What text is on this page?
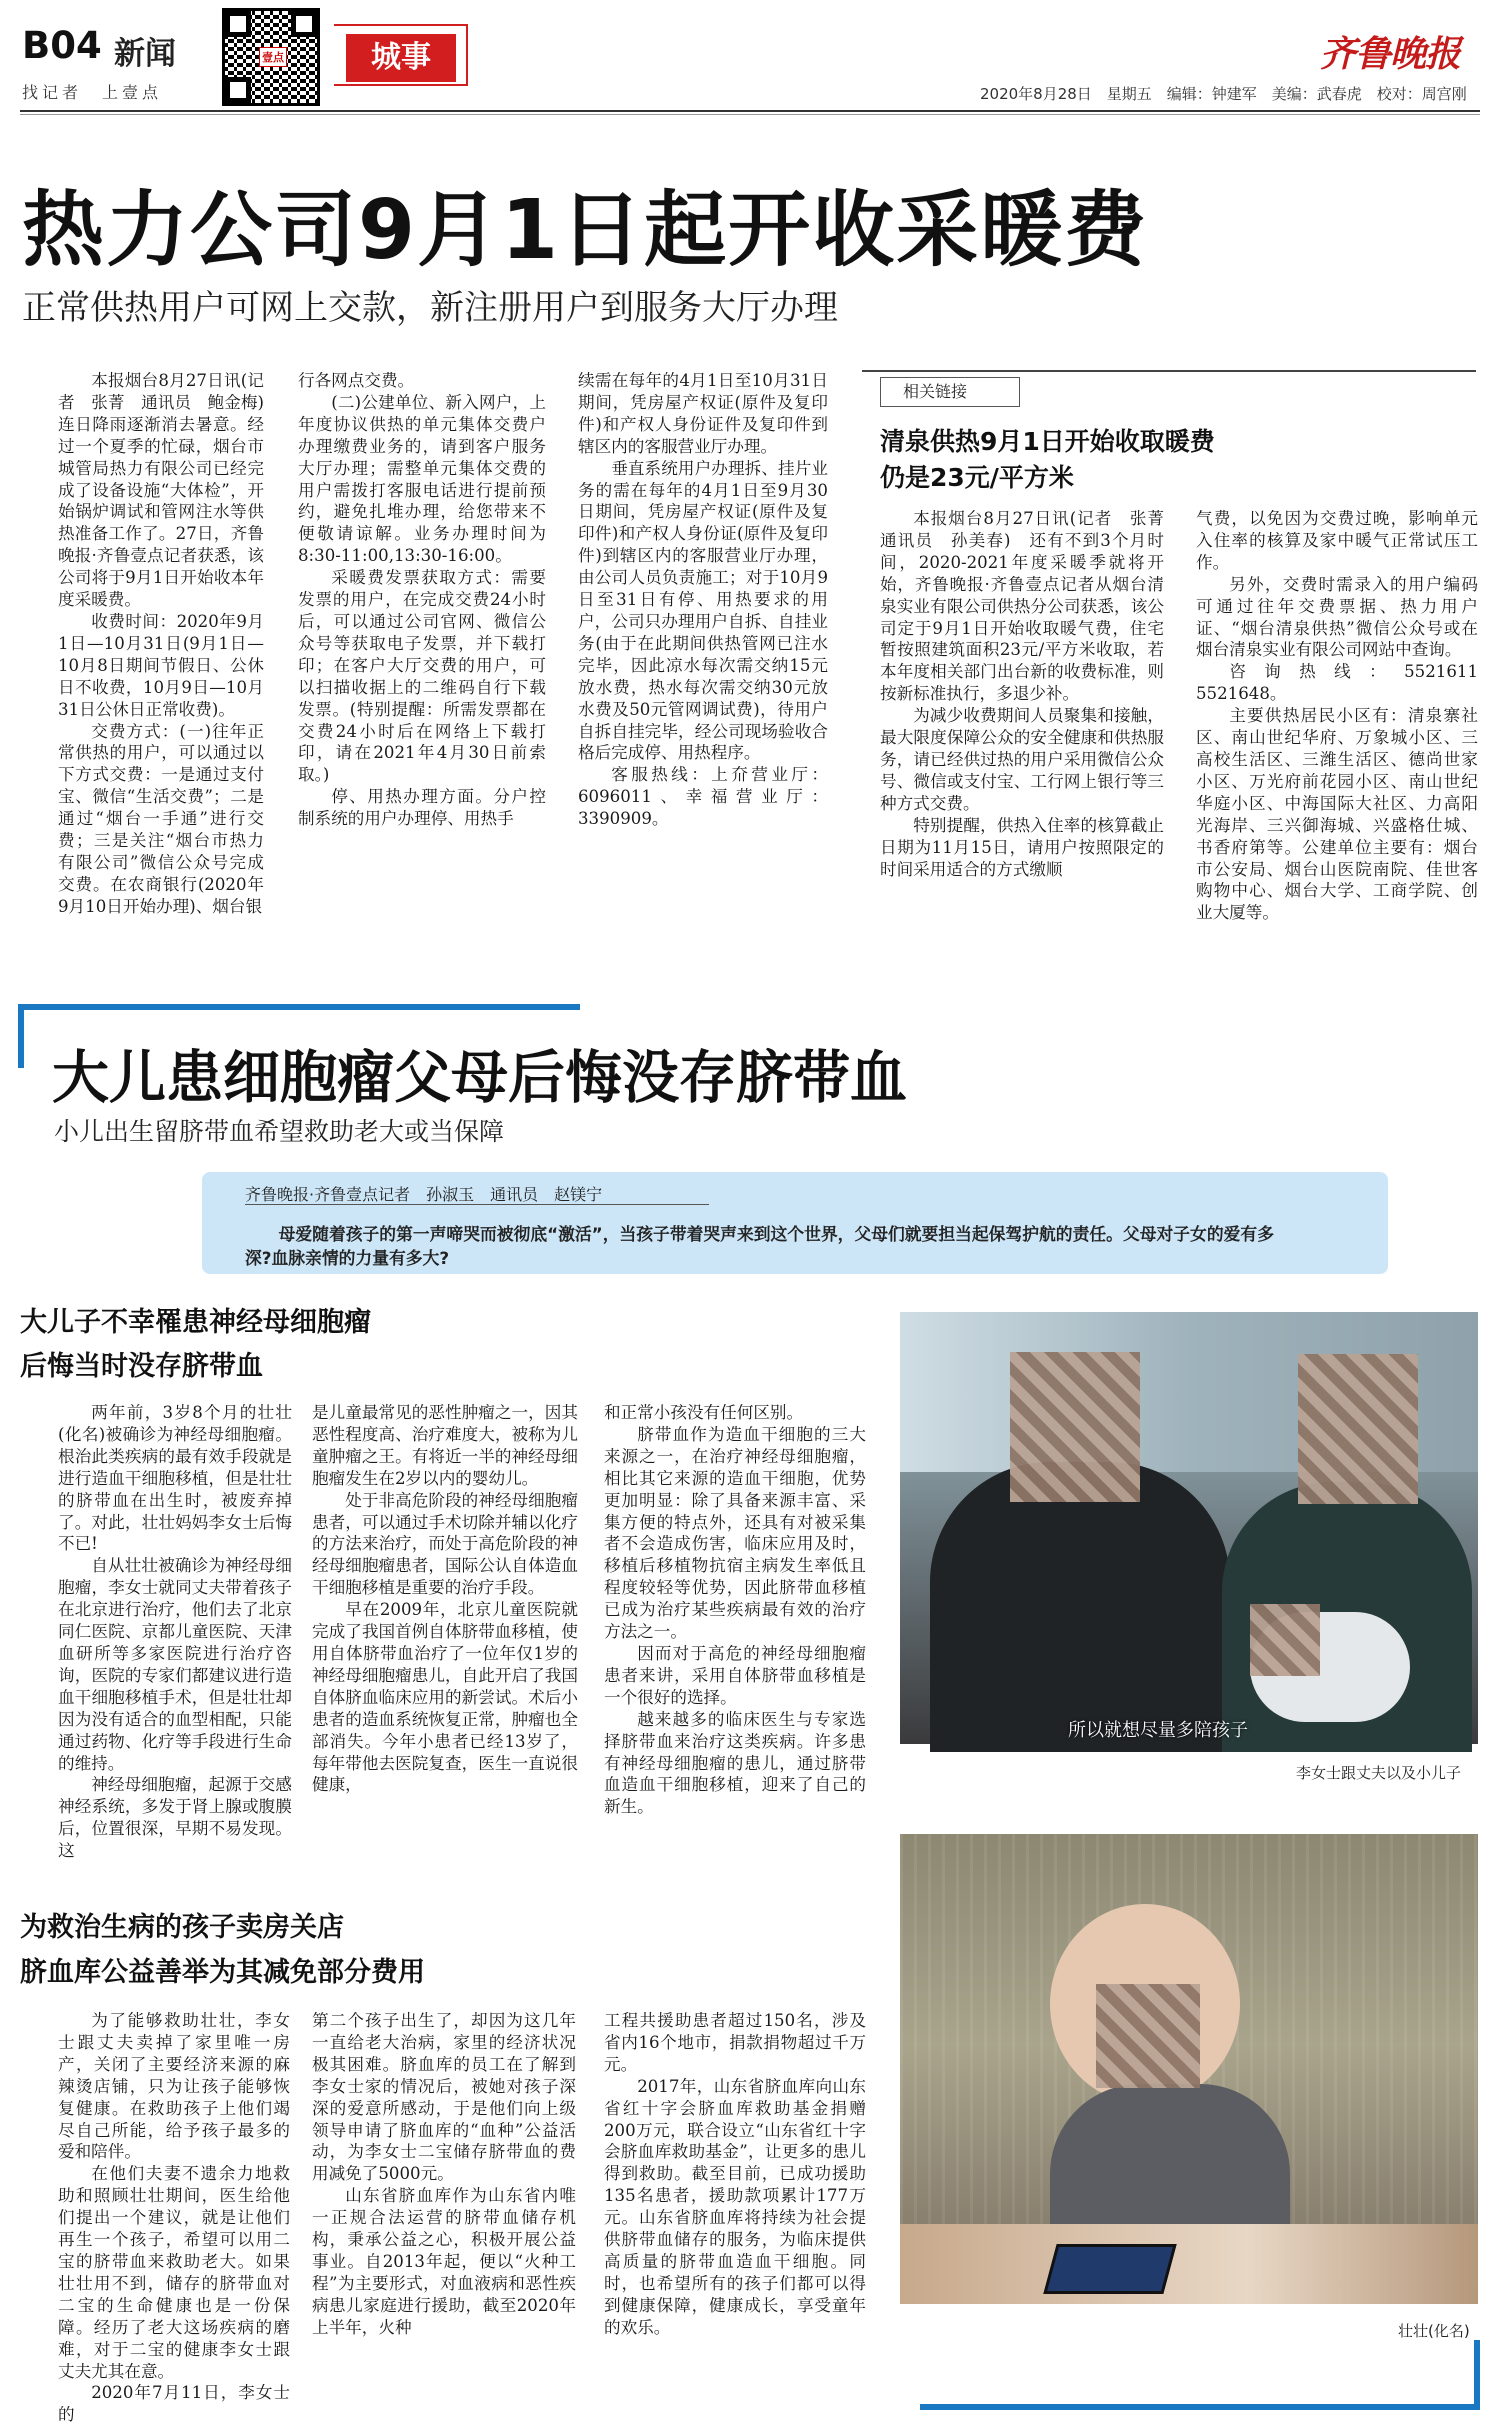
B04 新闻
找记者　上壹点
壹点	城事	齐鲁晚报
2020年8月28日　星期五　编辑：钟建军　美编：武春虎　校对：周宫刚
热力公司9月1日起开收采暖费
正常供热用户可网上交款，新注册用户到服务大厅办理

本报烟台8月27日讯(记者　张菁　通讯员　鲍金梅)　连日降雨逐渐消去暑意。经过一个夏季的忙碌，烟台市城管局热力有限公司已经完成了设备设施“大体检”，开始锅炉调试和管网注水等供热准备工作了。27日，齐鲁晚报·齐鲁壹点记者获悉，该公司将于9月1日开始收本年度采暖费。

收费时间：2020年9月1日—10月31日(9月1日—10月8日期间节假日、公休日不收费，10月9日—10月31日公休日正常收费)。

交费方式：(一)往年正常供热的用户，可以通过以下方式交费：一是通过支付宝、微信“生活交费”；二是通过“烟台一手通”进行交费；三是关注“烟台市热力有限公司”微信公众号完成交费。在农商银行(2020年9月10日开始办理)、烟台银

行各网点交费。

(二)公建单位、新入网户，上年度协议供热的单元集体交费户办理缴费业务的，请到客户服务大厅办理；需整单元集体交费的用户需拨打客服电话进行提前预约，避免扎堆办理，给您带来不便敬请谅解。业务办理时间为8:30-11:00,13:30-16:00。

采暖费发票获取方式：需要发票的用户，在完成交费24小时后，可以通过公司官网、微信公众号等获取电子发票，并下载打印；在客户大厅交费的用户，可以扫描收据上的二维码自行下载发票。(特别提醒：所需发票都在交费24小时后在网络上下载打印，请在2021年4月30日前索取。)

停、用热办理方面。分户控制系统的用户办理停、用热手

续需在每年的4月1日至10月31日期间，凭房屋产权证(原件及复印件)和产权人身份证件及复印件到辖区内的客服营业厅办理。

垂直系统用户办理拆、挂片业务的需在每年的4月1日至9月30日期间，凭房屋产权证(原件及复印件)和产权人身份证(原件及复印件)到辖区内的客服营业厅办理，由公司人员负责施工；对于10月9日至31日有停、用热要求的用户，公司只办理用户自拆、自挂业务(由于在此期间供热管网已注水完毕，因此凉水每次需交纳15元放水费，热水每次需交纳30元放水费及50元管网调试费)，待用户自拆自挂完毕，经公司现场验收合格后完成停、用热程序。

客服热线：上夼营业厅：6096011、幸福营业厅：3390909。

相关链接
清泉供热9月1日开始收取暖费
仍是23元/平方米

本报烟台8月27日讯(记者　张菁　通讯员　孙美春)　还有不到3个月时间，2020-2021年度采暖季就将开始，齐鲁晚报·齐鲁壹点记者从烟台清泉实业有限公司供热分公司获悉，该公司定于9月1日开始收取暖气费，住宅暂按照建筑面积23元/平方米收取，若本年度相关部门出台新的收费标准，则按新标准执行，多退少补。

为减少收费期间人员聚集和接触，最大限度保障公众的安全健康和供热服务，请已经供过热的用户采用微信公众号、微信或支付宝、工行网上银行等三种方式交费。

特别提醒，供热入住率的核算截止日期为11月15日，请用户按照限定的时间采用适合的方式缴顺

气费，以免因为交费过晚，影响单元入住率的核算及家中暖气正常试压工作。

另外，交费时需录入的用户编码可通过往年交费票据、热力用户证、“烟台清泉供热”微信公众号或在烟台清泉实业有限公司网站中查询。

咨询热线：5521611　5521648。

主要供热居民小区有：清泉寨社区、南山世纪华府、万象城小区、三高校生活区、三潍生活区、德尚世家小区、万光府前花园小区、南山世纪华庭小区、中海国际大社区、力高阳光海岸、三兴御海城、兴盛格仕城、书香府第等。公建单位主要有：烟台市公安局、烟台山医院南院、佳世客购物中心、烟台大学、工商学院、创业大厦等。

大儿患细胞瘤父母后悔没存脐带血
小儿出生留脐带血希望救助老大或当保障
齐鲁晚报·齐鲁壹点记者　孙淑玉　通讯员　赵镁宁
母爱随着孩子的第一声啼哭而被彻底“激活”，当孩子带着哭声来到这个世界，父母们就要担当起保驾护航的责任。父母对子女的爱有多深?血脉亲情的力量有多大?
大儿子不幸罹患神经母细胞瘤
后悔当时没存脐带血

两年前，3岁8个月的壮壮(化名)被确诊为神经母细胞瘤。根治此类疾病的最有效手段就是进行造血干细胞移植，但是壮壮的脐带血在出生时，被废弃掉了。对此，壮壮妈妈李女士后悔不已!

自从壮壮被确诊为神经母细胞瘤，李女士就同丈夫带着孩子在北京进行治疗，他们去了北京同仁医院、京都儿童医院、天津血研所等多家医院进行治疗咨询，医院的专家们都建议进行造血干细胞移植手术，但是壮壮却因为没有适合的血型相配，只能通过药物、化疗等手段进行生命的维持。

神经母细胞瘤，起源于交感神经系统，多发于肾上腺或腹膜后，位置很深，早期不易发现。这

是儿童最常见的恶性肿瘤之一，因其恶性程度高、治疗难度大，被称为儿童肿瘤之王。有将近一半的神经母细胞瘤发生在2岁以内的婴幼儿。

处于非高危阶段的神经母细胞瘤患者，可以通过手术切除并辅以化疗的方法来治疗，而处于高危阶段的神经母细胞瘤患者，国际公认自体造血干细胞移植是重要的治疗手段。

早在2009年，北京儿童医院就完成了我国首例自体脐带血移植，使用自体脐带血治疗了一位年仅1岁的神经母细胞瘤患儿，自此开启了我国自体脐血临床应用的新尝试。术后小患者的造血系统恢复正常，肿瘤也全部消失。今年小患者已经13岁了，每年带他去医院复查，医生一直说很健康，

和正常小孩没有任何区别。

脐带血作为造血干细胞的三大来源之一，在治疗神经母细胞瘤，相比其它来源的造血干细胞，优势更加明显：除了具备来源丰富、采集方便的特点外，还具有对被采集者不会造成伤害，临床应用及时，移植后移植物抗宿主病发生率低且程度较轻等优势，因此脐带血移植已成为治疗某些疾病最有效的治疗方法之一。

因而对于高危的神经母细胞瘤患者来讲，采用自体脐带血移植是一个很好的选择。

越来越多的临床医生与专家选择脐带血来治疗这类疾病。许多患有神经母细胞瘤的患儿，通过脐带血造血干细胞移植，迎来了自己的新生。

所以就想尽量多陪孩子
李女士跟丈夫以及小儿子
为救治生病的孩子卖房关店
脐血库公益善举为其减免部分费用

为了能够救助壮壮，李女士跟丈夫卖掉了家里唯一房产，关闭了主要经济来源的麻辣烫店铺，只为让孩子能够恢复健康。在救助孩子上他们竭尽自己所能，给予孩子最多的爱和陪伴。

在他们夫妻不遗余力地救助和照顾壮壮期间，医生给他们提出一个建议，就是让他们再生一个孩子，希望可以用二宝的脐带血来救助老大。如果壮壮用不到，储存的脐带血对二宝的生命健康也是一份保障。经历了老大这场疾病的磨难，对于二宝的健康李女士跟丈夫尤其在意。

2020年7月11日，李女士的

第二个孩子出生了，却因为这几年一直给老大治病，家里的经济状况极其困难。脐血库的员工在了解到李女士家的情况后，被她对孩子深深的爱意所感动，于是他们向上级领导申请了脐血库的“血种”公益活动，为李女士二宝储存脐带血的费用减免了5000元。

山东省脐血库作为山东省内唯一正规合法运营的脐带血储存机构，秉承公益之心，积极开展公益事业。自2013年起，便以“火种工程”为主要形式，对血液病和恶性疾病患儿家庭进行援助，截至2020年上半年，火种

工程共援助患者超过150名，涉及省内16个地市，捐款捐物超过千万元。

2017年，山东省脐血库向山东省红十字会脐血库救助基金捐赠200万元，联合设立“山东省红十字会脐血库救助基金”，让更多的患儿得到救助。截至目前，已成功援助135名患者，援助款项累计177万元。山东省脐血库将持续为社会提供脐带血储存的服务，为临床提供高质量的脐带血造血干细胞。同时，也希望所有的孩子们都可以得到健康保障，健康成长，享受童年的欢乐。	壮壮(化名)
